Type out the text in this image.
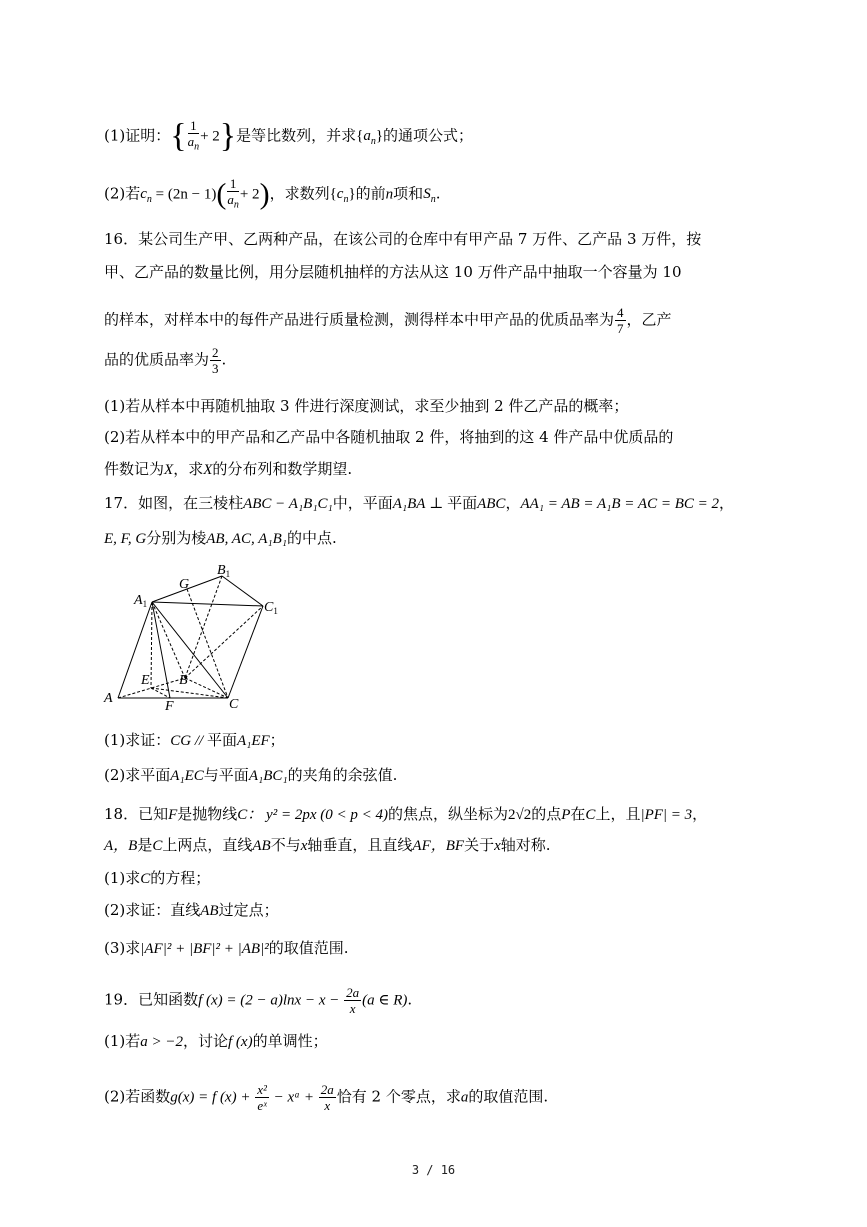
(1)证明：{ $\frac{1}{a_n} + 2$}是等比数列，并求$\{a_n\}$的通项公式；
(2)若$c_n = (2n - 1)( \frac{1}{a_n} + 2)$，求数列$\{c_n\}$的前n项和$S_n$.
16．某公司生产甲、乙两种产品，在该公司的仓库中有甲产品 7 万件、乙产品 3 万件，按
甲、乙产品的数量比例，用分层随机抽样的方法从这 10 万件产品中抽取一个容量为 10
的样本，对样本中的每件产品进行质量检测，测得样本中甲产品的优质品率为 $\frac{4}{7}$ ，乙产
品的优质品率为 $\frac{2}{3}$ .
(1)若从样本中再随机抽取 3 件进行深度测试，求至少抽到 2 件乙产品的概率；
(2)若从样本中的甲产品和乙产品中各随机抽取 2 件，将抽到的这 4 件产品中优质品的
件数记为X，求X的分布列和数学期望.
17．如图，在三棱柱ABC − A₁B₁C₁中，平面A₁BA ⊥ 平面ABC，AA₁ = AB = A₁B = AC = BC = 2，
E, F, G分别为棱AB, AC, A₁B₁的中点.
$A_1$
$B_1$
$C_1$
G
A
B
C
E
F
(1)求证：CG // 平面A₁EF；
(2)求平面A₁EC与平面A₁BC₁的夹角的余弦值.
18．已知F是抛物线C： y² = 2px (0 < p < 4)的焦点，纵坐标为2√2的点P在C上，且|PF| = 3，
A，B是C上两点，直线AB不与x轴垂直，且直线AF，BF关于x轴对称.
(1)求C的方程；
(2)求证：直线AB过定点；
(3)求|AF|² + |BF|² + |AB|²的取值范围.
19．已知函数f $(x) = (2 - a)\ln x - x - \frac{2a}{x} (a$ ∈ R).
(1)若a > −2，讨论f (x)的单调性；
(2)若函数g(x) = f $(x) + \frac{\text{x²}}{\text{eˣ}}$ − xᵃ + $\frac{2a}{x}$ 恰有 2 个零点，求a的取值范围.
3 / 16
